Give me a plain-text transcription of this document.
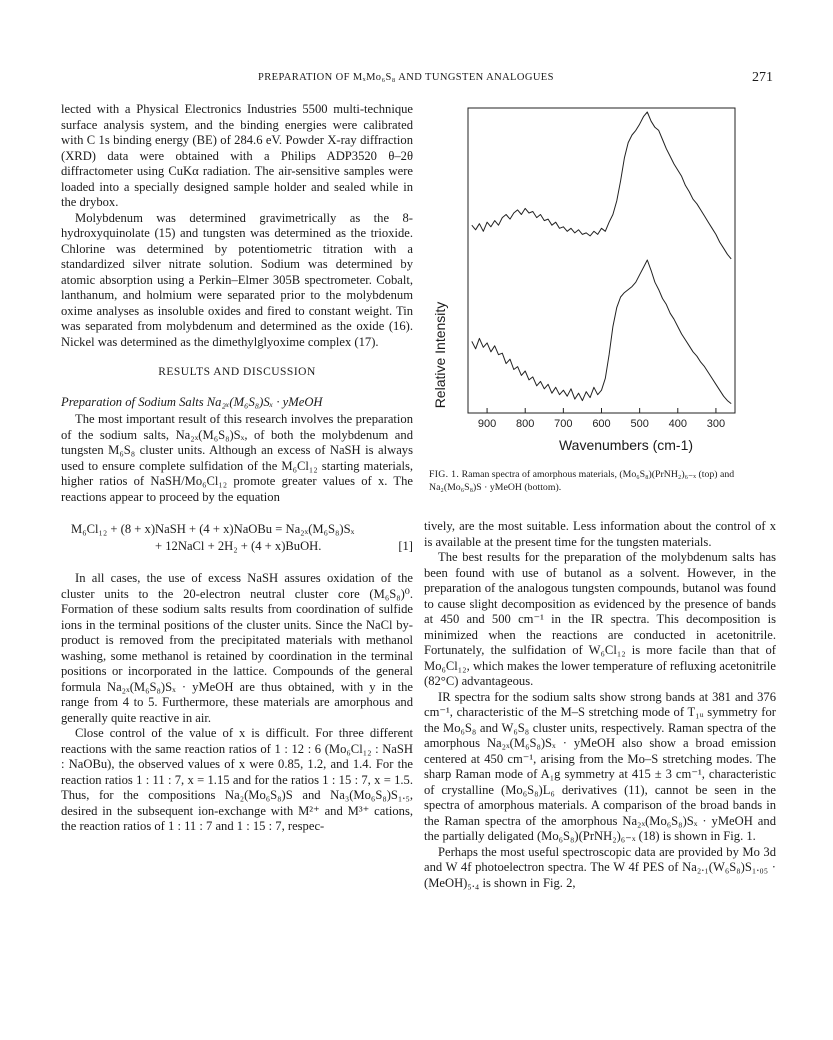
PREPARATION OF MₓMo₆S₈ AND TUNGSTEN ANALOGUES	271

lected with a Physical Electronics Industries 5500 multi-technique surface analysis system, and the binding energies were calibrated with C 1s binding energy (BE) of 284.6 eV. Powder X-ray diffraction (XRD) data were obtained with a Philips ADP3520 θ–2θ diffractometer using CuKα radiation. The air-sensitive samples were loaded into a specially designed sample holder and sealed while in the drybox.

Molybdenum was determined gravimetrically as the 8-hydroxyquinolate (15) and tungsten was determined as the trioxide. Chlorine was determined by potentiometric titration with a standardized silver nitrate solution. Sodium was determined by atomic absorption using a Perkin–Elmer 305B spectrometer. Cobalt, lanthanum, and holmium were separated prior to the molybdenum oxime analyses as insoluble oxides and fired to constant weight. Tin was separated from molybdenum and determined as the oxide (16). Nickel was determined as the dimethylglyoxime complex (17).

RESULTS AND DISCUSSION
Preparation of Sodium Salts Na₂ₓ(M₆S₈)Sₓ · yMeOH

The most important result of this research involves the preparation of the sodium salts, Na₂ₓ(M₆S₈)Sₓ, of both the molybdenum and tungsten M₆S₈ cluster units. Although an excess of NaSH is always used to ensure complete sulfidation of the M₆Cl₁₂ starting materials, higher ratios of NaSH/Mo₆Cl₁₂ promote greater values of x. The reactions appear to proceed by the equation

M₆Cl₁₂ + (8 + x)NaSH + (4 + x)NaOBu = Na₂ₓ(M₆S₈)Sₓ

+ 12NaCl + 2H₂ + (4 + x)BuOH.	[1]

In all cases, the use of excess NaSH assures oxidation of the cluster units to the 20-electron neutral cluster core (M₆S₈)⁰. Formation of these sodium salts results from coordination of sulfide ions in the terminal positions of the cluster units. Since the NaCl by-product is removed from the precipitated materials with methanol washing, some methanol is retained by coordination in the terminal positions or incorporated in the lattice. Compounds of the general formula Na₂ₓ(M₆S₈)Sₓ · yMeOH are thus obtained, with y in the range from 4 to 5. Furthermore, these materials are amorphous and generally quite reactive in air.

Close control of the value of x is difficult. For three different reactions with the same reaction ratios of 1 : 12 : 6 (Mo₆Cl₁₂ : NaSH : NaOBu), the observed values of x were 0.85, 1.2, and 1.4. For the reaction ratios 1 : 11 : 7, x = 1.15 and for the ratios 1 : 15 : 7, x = 1.5. Thus, for the compositions Na₂(Mo₆S₈)S and Na₃(Mo₆S₈)S₁.₅, desired in the subsequent ion-exchange with M²⁺ and M³⁺ cations, the reaction ratios of 1 : 11 : 7 and 1 : 15 : 7, respec-

900 800 700 600 500 400 300
Relative Intensity
Wavenumbers (cm-1)
FIG. 1. Raman spectra of amorphous materials, (Mo₆S₈)(PrNH₂)₆₋ₓ (top) and Na₂(Mo₆S₈)S · yMeOH (bottom).

tively, are the most suitable. Less information about the control of x is available at the present time for the tungsten materials.

The best results for the preparation of the molybdenum salts has been found with use of butanol as a solvent. However, in the preparation of the analogous tungsten compounds, butanol was found to cause slight decomposition as evidenced by the presence of bands at 450 and 500 cm⁻¹ in the IR spectra. This decomposition is minimized when the reactions are conducted in acetonitrile. Fortunately, the sulfidation of W₆Cl₁₂ is more facile than that of Mo₆Cl₁₂, which makes the lower temperature of refluxing acetonitrile (82°C) advantageous.

IR spectra for the sodium salts show strong bands at 381 and 376 cm⁻¹, characteristic of the M–S stretching mode of T₁ᵤ symmetry for the Mo₆S₈ and W₆S₈ cluster units, respectively. Raman spectra of the amorphous Na₂ₓ(M₆S₈)Sₓ · yMeOH also show a broad emission centered at 450 cm⁻¹, arising from the Mo–S stretching modes. The sharp Raman mode of A₁g symmetry at 415 ± 3 cm⁻¹, characteristic of crystalline (Mo₆S₈)L₆ derivatives (11), cannot be seen in the spectra of amorphous materials. A comparison of the broad bands in the Raman spectra of the amorphous Na₂ₓ(Mo₆S₈)Sₓ · yMeOH and the partially deligated (Mo₆S₈)(PrNH₂)₆₋ₓ (18) is shown in Fig. 1.

Perhaps the most useful spectroscopic data are provided by Mo 3d and W 4f photoelectron spectra. The W 4f PES of Na₂.₁(W₆S₈)S₁.₀₅ · (MeOH)₅.₄ is shown in Fig. 2,
